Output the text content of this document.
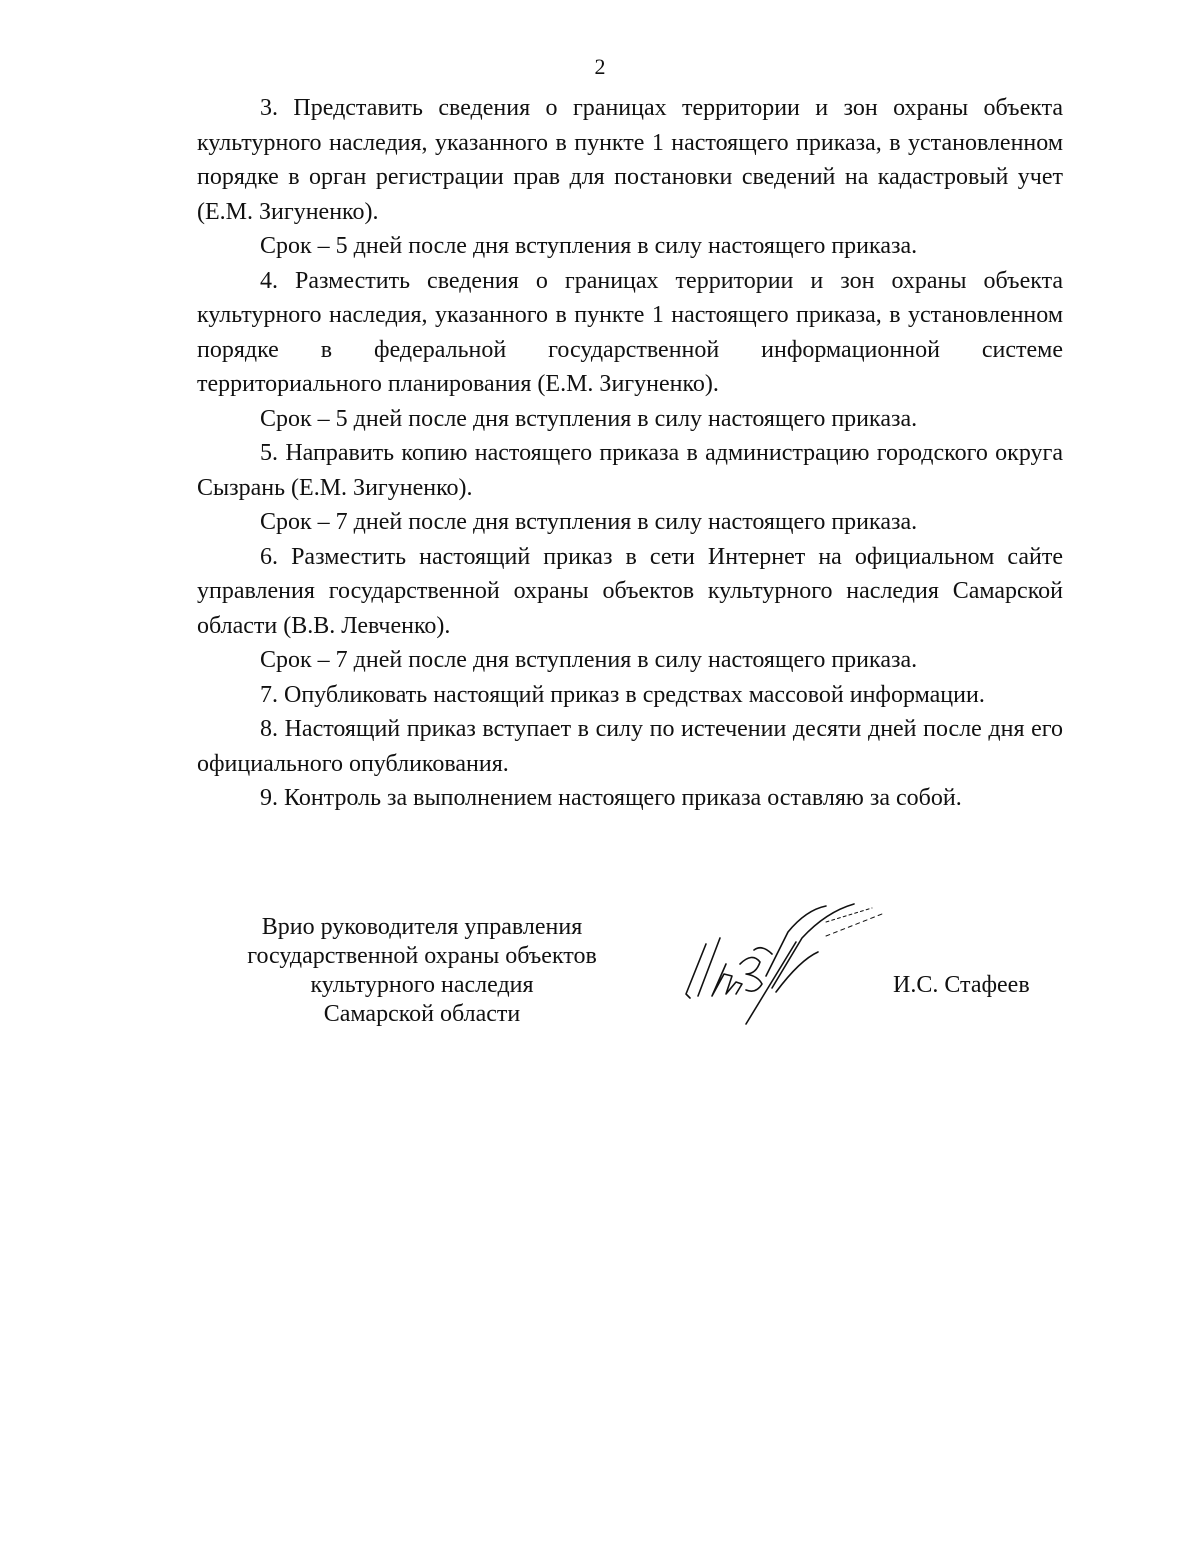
2

3. Представить сведения о границах территории и зон охраны объекта культурного наследия, указанного в пункте 1 настоящего приказа, в установленном порядке в орган регистрации прав для постановки сведений на кадастровый учет (Е.М. Зигуненко).

Срок – 5 дней после дня вступления в силу настоящего приказа.

4. Разместить сведения о границах территории и зон охраны объекта культурного наследия, указанного в пункте 1 настоящего приказа, в установленном порядке в федеральной государственной информационной системе территориального планирования (Е.М. Зигуненко).

Срок – 5 дней после дня вступления в силу настоящего приказа.

5. Направить копию настоящего приказа в администрацию городского округа Сызрань (Е.М. Зигуненко).

Срок – 7 дней после дня вступления в силу настоящего приказа.

6. Разместить настоящий приказ в сети Интернет на официальном сайте управления государственной охраны объектов культурного наследия Самарской области (В.В. Левченко).

Срок – 7 дней после дня вступления в силу настоящего приказа.

7. Опубликовать настоящий приказ в средствах массовой информации.

8. Настоящий приказ вступает в силу по истечении десяти дней после дня его официального опубликования.

9. Контроль за выполнением настоящего приказа оставляю за собой.

Врио руководителя управления
государственной охраны объектов
культурного наследия
Самарской области
И.С. Стафеев
